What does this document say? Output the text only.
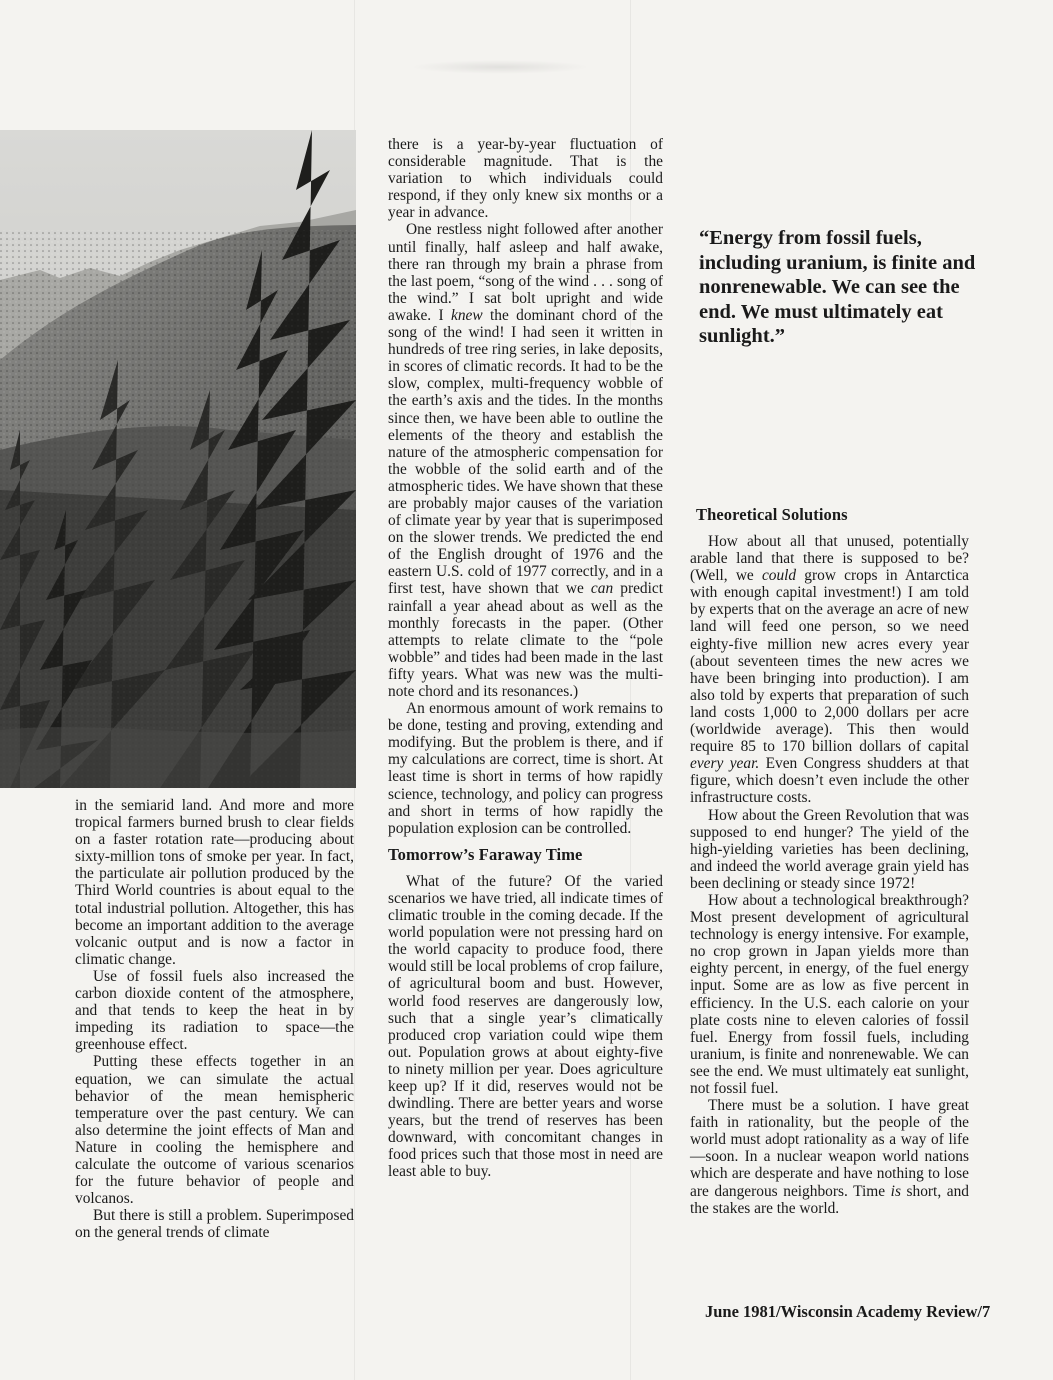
in the semiarid land. And more and more tropical farmers burned brush to clear fields on a faster rotation rate—producing about sixty-million tons of smoke per year. In fact, the particulate air pollution produced by the Third World countries is about equal to the total industrial pollution. Altogether, this has become an important addition to the average volcanic output and is now a factor in climatic change.

Use of fossil fuels also increased the carbon dioxide content of the atmosphere, and that tends to keep the heat in by impeding its radiation to space—the greenhouse effect.

Putting these effects together in an equation, we can simulate the actual behavior of the mean hemispheric temperature over the past century. We can also determine the joint effects of Man and Nature in cooling the hemisphere and calculate the outcome of various scenarios for the future behavior of people and volcanos.

But there is still a problem. Superimposed on the general trends of climate

there is a year-by-year fluctuation of considerable magnitude. That is the variation to which individuals could respond, if they only knew six months or a year in advance.

One restless night followed after another until finally, half asleep and half awake, there ran through my brain a phrase from the last poem, “song of the wind . . . song of the wind.” I sat bolt upright and wide awake. I knew the dominant chord of the song of the wind! I had seen it written in hundreds of tree ring series, in lake deposits, in scores of climatic records. It had to be the slow, complex, multi-frequency wobble of the earth’s axis and the tides. In the months since then, we have been able to outline the elements of the theory and establish the nature of the atmospheric compensation for the wobble of the solid earth and of the atmospheric tides. We have shown that these are probably major causes of the variation of climate year by year that is superimposed on the slower trends. We predicted the end of the English drought of 1976 and the eastern U.S. cold of 1977 correctly, and in a first test, have shown that we can predict rainfall a year ahead about as well as the monthly forecasts in the paper. (Other attempts to relate climate to the “pole wobble” and tides had been made in the last fifty years. What was new was the multi-note chord and its resonances.)

An enormous amount of work remains to be done, testing and proving, extending and modifying. But the problem is there, and if my calculations are correct, time is short. At least time is short in terms of how rapidly science, technology, and policy can progress and short in terms of how rapidly the population explosion can be controlled.

Tomorrow’s Faraway Time

What of the future? Of the varied scenarios we have tried, all indicate times of climatic trouble in the coming decade. If the world population were not pressing hard on the world capacity to produce food, there would still be local problems of crop failure, of agricultural boom and bust. However, world food reserves are dangerously low, such that a single year’s climatically produced crop variation could wipe them out. Population grows at about eighty-five to ninety million per year. Does agriculture keep up? If it did, reserves would not be dwindling. There are better years and worse years, but the trend of reserves has been downward, with concomitant changes in food prices such that those most in need are least able to buy.

“Energy from fossil fuels, including uranium, is finite and nonrenewable. We can see the end. We must ultimately eat sunlight.”
Theoretical Solutions

How about all that unused, potentially arable land that there is supposed to be? (Well, we could grow crops in Antarctica with enough capital investment!) I am told by experts that on the average an acre of new land will feed one person, so we need eighty-five million new acres every year (about seventeen times the new acres we have been bringing into production). I am also told by experts that preparation of such land costs 1,000 to 2,000 dollars per acre (worldwide average). This then would require 85 to 170 billion dollars of capital every year. Even Congress shudders at that figure, which doesn’t even include the other infrastructure costs.

How about the Green Revolution that was supposed to end hunger? The yield of the high-yielding varieties has been declining, and indeed the world average grain yield has been declining or steady since 1972!

How about a technological breakthrough? Most present development of agricultural technology is energy intensive. For example, no crop grown in Japan yields more than eighty percent, in energy, of the fuel energy input. Some are as low as five percent in efficiency. In the U.S. each calorie on your plate costs nine to eleven calories of fossil fuel. Energy from fossil fuels, including uranium, is finite and nonrenewable. We can see the end. We must ultimately eat sunlight, not fossil fuel.

There must be a solution. I have great faith in rationality, but the people of the world must adopt rationality as a way of life—soon. In a nuclear weapon world nations which are desperate and have nothing to lose are dangerous neighbors. Time is short, and the stakes are the world.

June 1981/Wisconsin Academy Review/7
